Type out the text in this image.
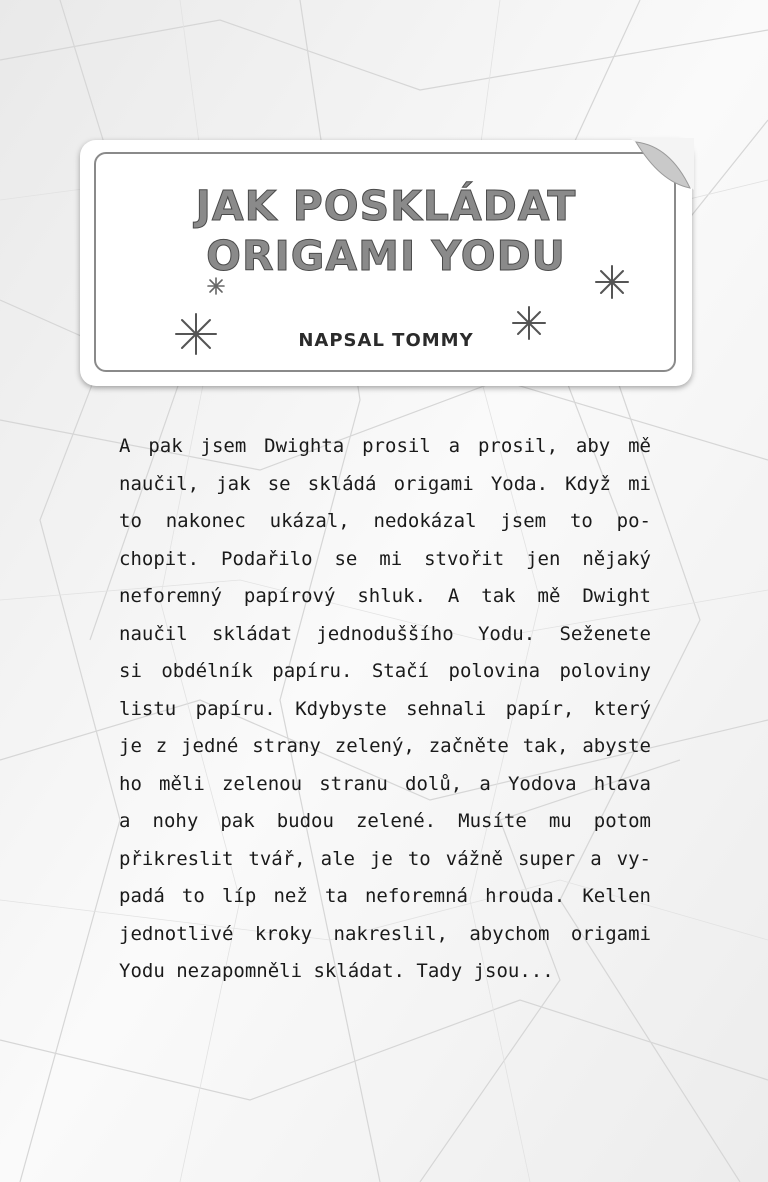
JAK POSKLÁDAT
ORIGAMI YODU
NAPSAL TOMMY
A pak jsem Dwighta prosil a prosil, aby mě
naučil, jak se skládá origami Yoda. Když mi
to nakonec ukázal, nedokázal jsem to po-
chopit. Podařilo se mi stvořit jen nějaký
neforemný papírový shluk. A tak mě Dwight
naučil skládat jednoduššího Yodu. Seženete
si obdélník papíru. Stačí polovina poloviny
listu papíru. Kdybyste sehnali papír, který
je z jedné strany zelený, začněte tak, abyste
ho měli zelenou stranu dolů, a Yodova hlava
a nohy pak budou zelené. Musíte mu potom
přikreslit tvář, ale je to vážně super a vy-
padá to líp než ta neforemná hrouda. Kellen
jednotlivé kroky nakreslil, abychom origami
Yodu nezapomněli skládat. Tady jsou...
